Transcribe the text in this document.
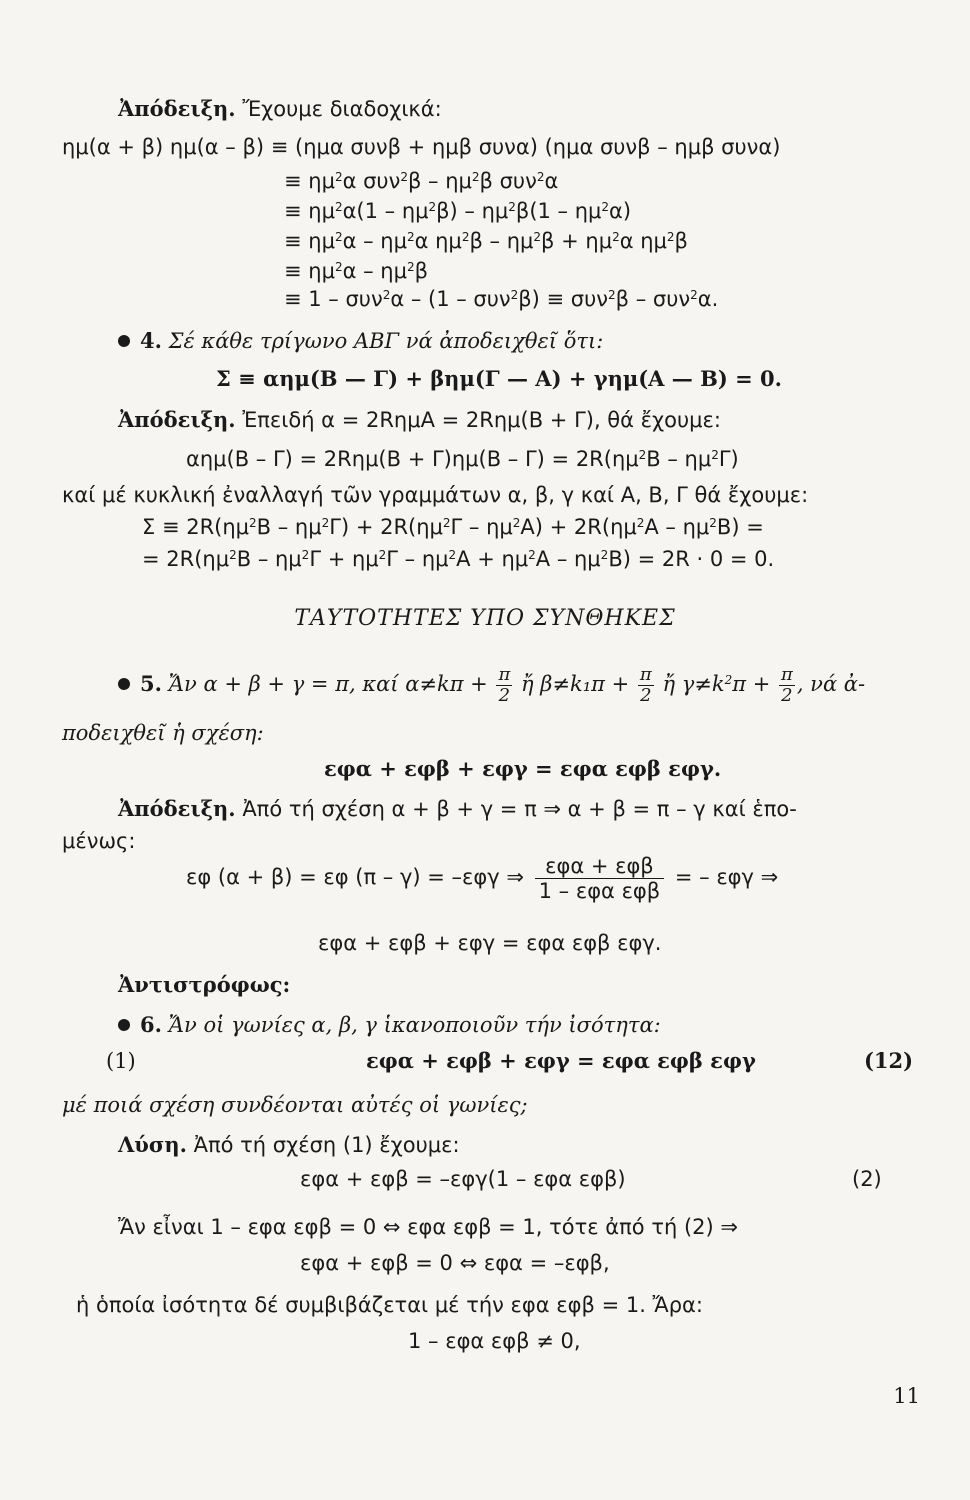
Ἀπόδειξη. Ἔχουμε διαδοχικά:
ημ(α + β) ημ(α – β) ≡ (ημα συνβ + ημβ συνα) (ημα συνβ – ημβ συνα)
≡ $\eta\mu^2\alpha$ $\sigma\upsilon\nu^2\beta - \eta\mu^2\beta$ συν$^2$α
≡ $\eta\mu^2\alpha(1 - \eta\mu^2\beta) - \eta\mu^2\beta(1 - \eta\mu^2\alpha)$
≡ $\eta\mu^2\alpha - \eta\mu^2\alpha$ $\eta\mu^2\beta - \eta\mu^2\beta + \eta\mu^2\alpha$ $\eta\mu^2\beta$
≡ $\eta\mu^2\alpha - \eta\mu^2\beta$
≡ 1 – συν$^2$α – (1 – συν$^2$β) ≡ συν$^2$β – συν$^2$α.
4. Σέ κάθε τρίγωνο ΑΒΓ νά ἀποδειχθεῖ ὅτι:
Σ ≡ αημ(Β — Γ) + βημ(Γ — Α) + γημ(Α — Β) = 0.
Ἀπόδειξη. Ἐπειδή α = 2RημΑ = 2Rημ(Β + Γ), θά ἔχουμε:
$\alpha\eta\mu(B - \Gamma) = 2R\eta\mu(B + \Gamma)\eta\mu(B - \Gamma) = 2R(\eta\mu^2B - \eta\mu^2\Gamma)$
καί μέ κυκλική ἐναλλαγή τῶν γραμμάτων α, β, γ καί Α, Β, Γ θά ἔχουμε:
$\Sigma \equiv 2R(\eta\mu^2B - \eta\mu^2\Gamma) + 2R(\eta\mu^2\Gamma - \eta\mu^2A) + 2R(\eta\mu^2A - \eta\mu^2B)$ =
= $2R(\eta\mu^2B - \eta\mu^2\Gamma + \eta\mu^2\Gamma - \eta\mu^2A + \eta\mu^2A - \eta\mu^2B) = 2R \cdot 0 = 0$.
ΤΑΥΤΟΤΗΤΕΣ ΥΠΟ ΣΥΝΘΗΚΕΣ
5. Ἄν α + β + γ = π, καί $\alpha\ne k\pi + \frac{\pi}{2}$ ἤ $\beta\ne k_1\pi + \frac{\pi}{2}$ ἤ $\gamma\ne k^2\pi + \frac{\pi}{2}$ , νά ἀ-
ποδειχθεῖ ἡ σχέση:
εφα + εφβ + εφγ = εφα εφβ εφγ.
Ἀπόδειξη. Ἀπό τή σχέση α + β + γ = π ⇒ α + β = π – γ καί ἑπο-
μένως:
εφ (α + β) = εφ (π – γ) = –εφγ ⇒ $\frac{\text{εφα + εφβ}}{\text{1 – εφα εφβ}}$ = – εφγ ⇒
εφα + εφβ + εφγ = εφα εφβ εφγ.
Ἀντιστρόφως:
6. Ἄν οἱ γωνίες α, β, γ ἱκανοποιοῦν τήν ἰσότητα:
(1)	εφα + εφβ + εφγ = εφα εφβ εφγ	(12)
μέ ποιά σχέση συνδέονται αὐτές οἱ γωνίες;
Λύση. Ἀπό τή σχέση (1) ἔχουμε:
εφα + εφβ = –εφγ(1 – εφα εφβ)	(2)
Ἄν εἶναι 1 – εφα εφβ = 0 ⇔ εφα εφβ = 1, τότε ἀπό τή (2) ⇒
εφα + εφβ = 0 ⇔ εφα = –εφβ,
ἡ ὁποία ἰσότητα δέ συμβιβάζεται μέ τήν εφα εφβ = 1. Ἄρα:
1 – εφα εφβ ≠ 0,
11
